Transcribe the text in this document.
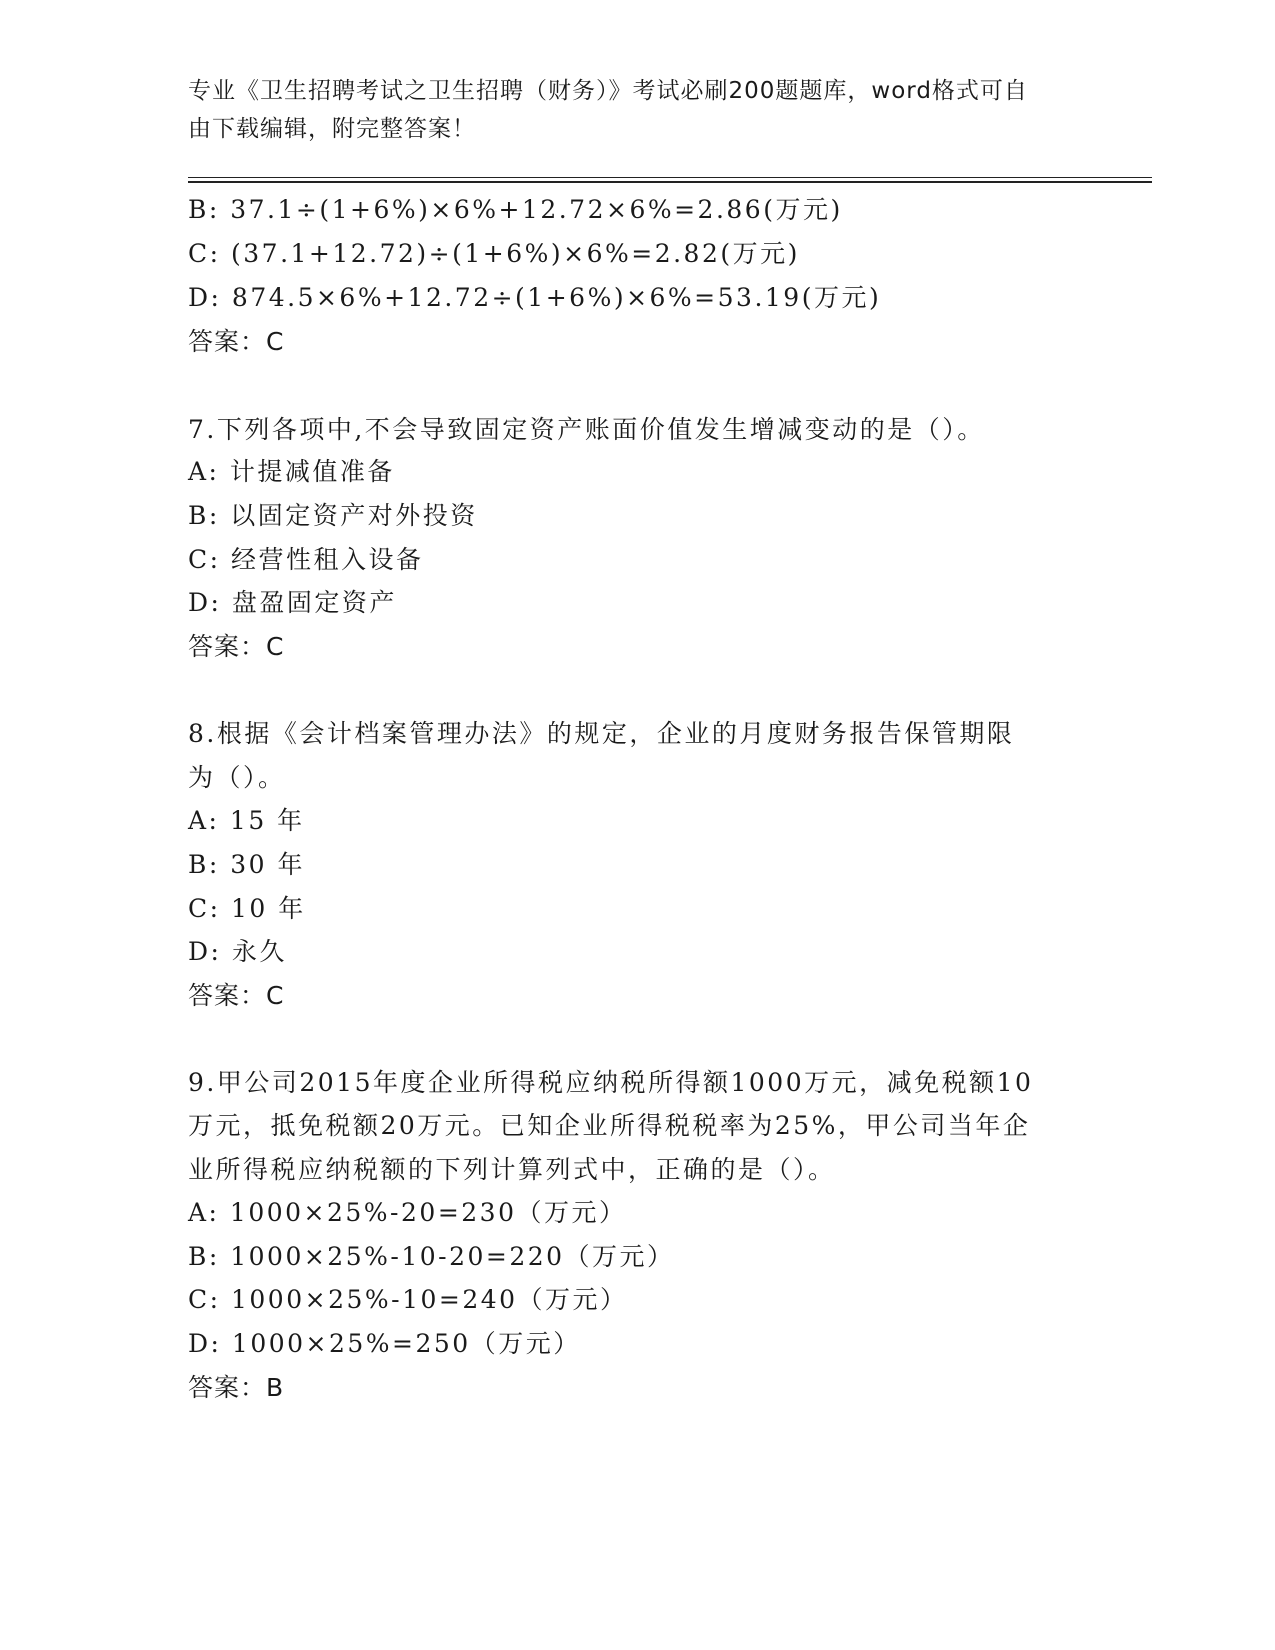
专业《卫生招聘考试之卫生招聘（财务）》考试必刷200题题库，word格式可自
由下载编辑，附完整答案！
B: 37.1÷(1+6%)×6%+12.72×6%=2.86(万元)
C: (37.1+12.72)÷(1+6%)×6%=2.82(万元)
D: 874.5×6%+12.72÷(1+6%)×6%=53.19(万元)
答案：C
7.下列各项中,不会导致固定资产账面价值发生增减变动的是（）。
A: 计提减值准备
B: 以固定资产对外投资
C: 经营性租入设备
D: 盘盈固定资产
答案：C
8.根据《会计档案管理办法》的规定，企业的月度财务报告保管期限
为（）。
A: 15 年
B: 30 年
C: 10 年
D: 永久
答案：C
9.甲公司2015年度企业所得税应纳税所得额1000万元，减免税额10
万元，抵免税额20万元。已知企业所得税税率为25%，甲公司当年企
业所得税应纳税额的下列计算列式中，正确的是（）。
A: 1000×25%-20=230（万元）
B: 1000×25%-10-20=220（万元）
C: 1000×25%-10=240（万元）
D: 1000×25%=250（万元）
答案：B
